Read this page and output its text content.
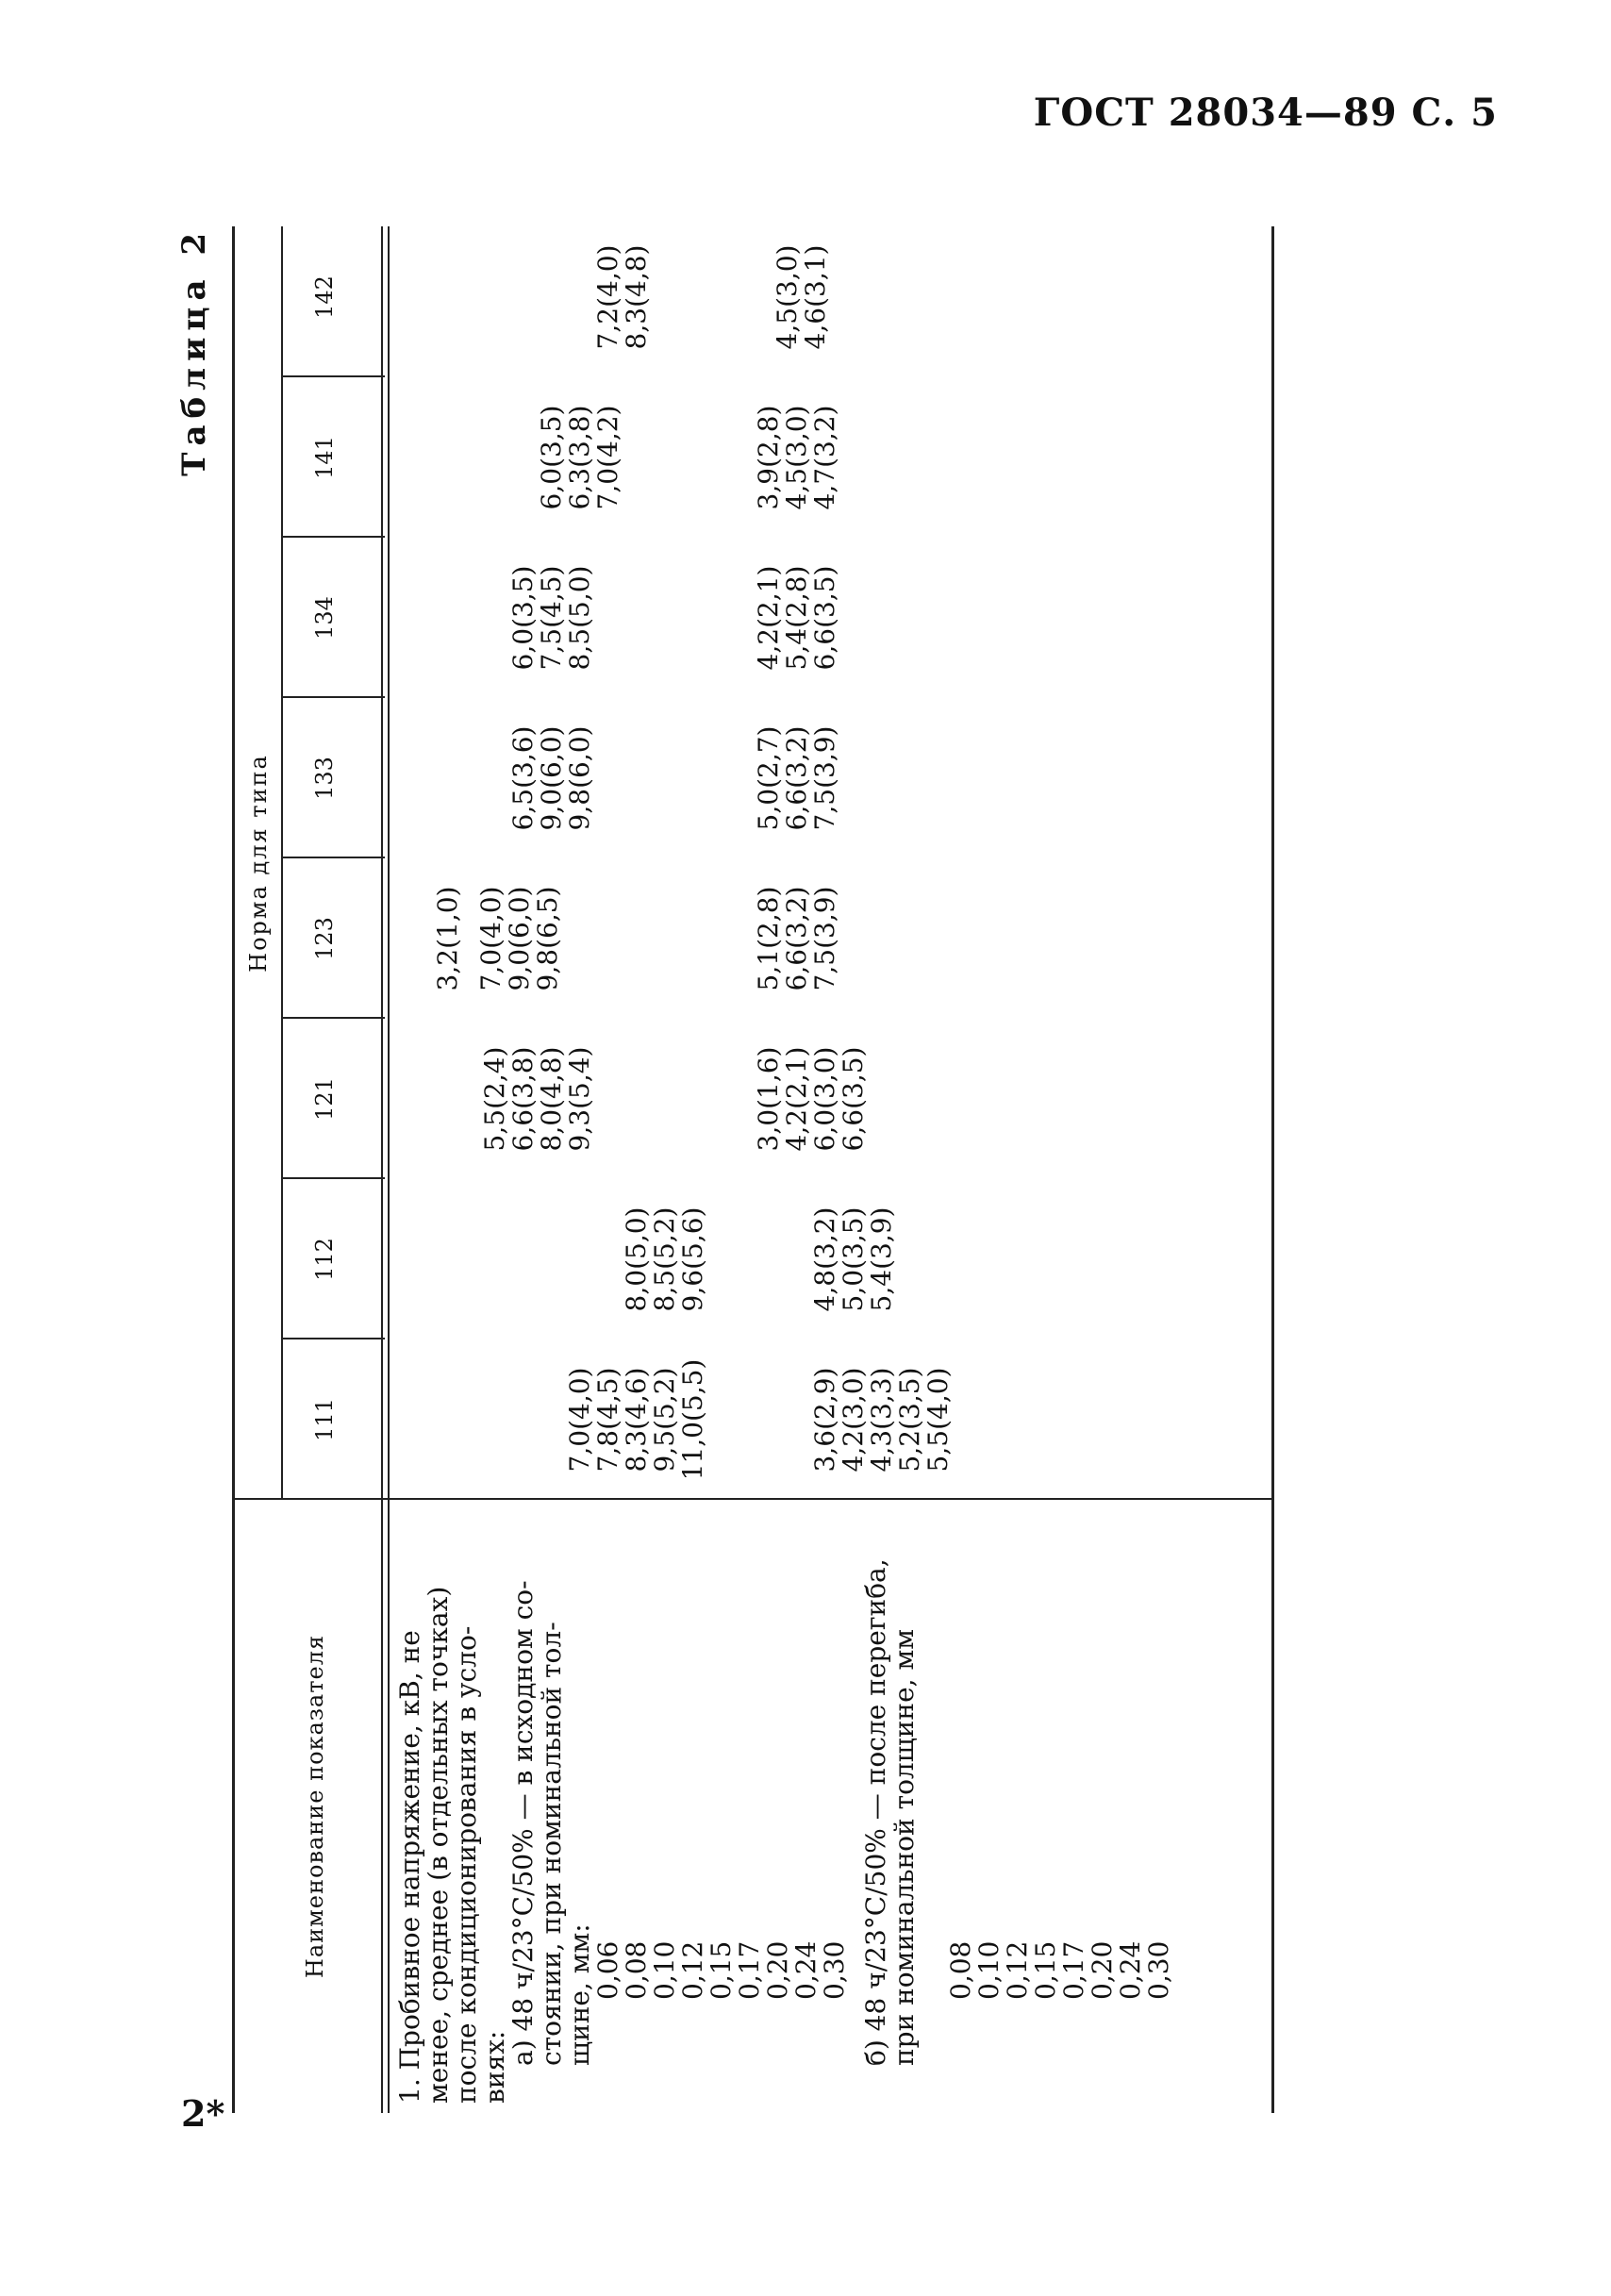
ГОСТ 28034—89 С. 5
2*
Таблица 2
Наименование показателя
Норма для типа
111
112
121
123
133
134
141
142

1. Пробивное напряжение, кВ, не

менее, среднее (в отдельных точках)

после кондиционирования в усло-

виях:

а) 48 ч/23°С/50% — в исходном со-

стоянии, при номинальной тол-

щине, мм:

0,06
0,08
0,10
0,12
0,15
0,17
0,20
0,24
0,30 б) 48 ч/23°С/50% — после перегиба,

при номинальной толщине, мм 0,08
0,10
0,12
0,15
0,17
0,20
0,24
0,30
7,0(4,0)
7,8(4,5)
8,3(4,6)
9,5(5,2)
11,0(5,5)
8,0(5,0)
8,5(5,2)
9,6(5,6)
5,5(2,4)
6,6(3,8)
8,0(4,8)
9,3(5,4)
3,2(1,0) 7,0(4,0)
9,0(6,0)
9,8(6,5)
6,5(3,6)
9,0(6,0)
9,8(6,0)
6,0(3,5)
7,5(4,5)
8,5(5,0)
6,0(3,5)
6,3(3,8)
7,0(4,2)
7,2(4,0)
8,3(4,8)
3,6(2,9)
4,2(3,0)
4,3(3,3)
5,2(3,5)
5,5(4,0)
4,8(3,2)
5,0(3,5)
5,4(3,9)
3,0(1,6)
4,2(2,1)
6,0(3,0)
6,6(3,5)
5,1(2,8)
6,6(3,2)
7,5(3,9)
5,0(2,7)
6,6(3,2)
7,5(3,9)
4,2(2,1)
5,4(2,8)
6,6(3,5)
3,9(2,8)
4,5(3,0)
4,7(3,2)
4,5(3,0)
4,6(3,1)
